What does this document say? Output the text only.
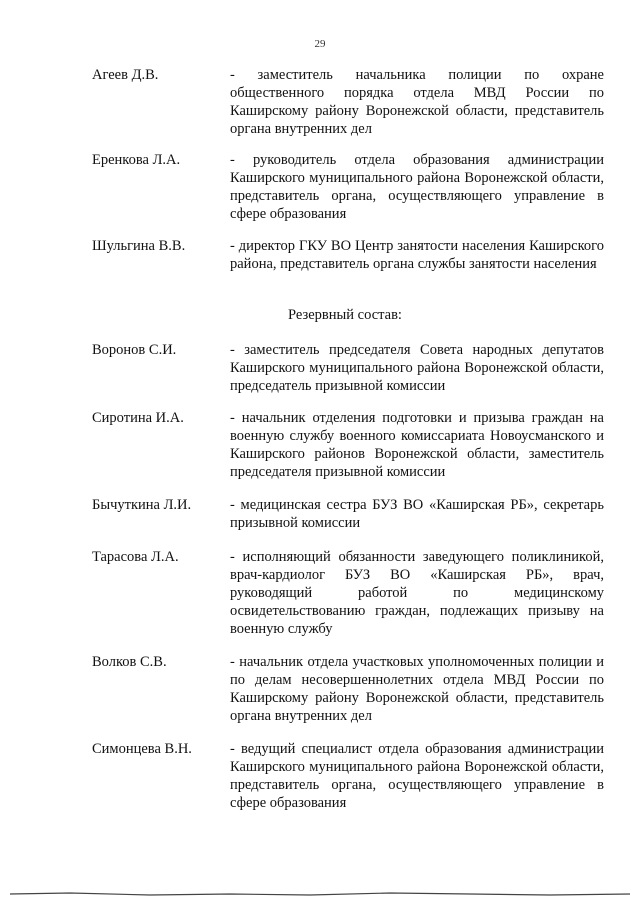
29
Агеев Д.В.	- заместитель начальника полиции по охране общественного порядка отдела МВД России по Каширскому району Воронежской области, представитель органа внутренних дел
Еренкова Л.А.	- руководитель отдела образования администрации Каширского муниципального района Воронежской области, представитель органа, осуществляющего управление в сфере образования
Шульгина В.В.	- директор ГКУ ВО Центр занятости населения Каширского района, представитель органа службы занятости населения
Резервный состав:
Воронов С.И.	- заместитель председателя Совета народных депутатов Каширского муниципального района Воронежской области, председатель призывной комиссии
Сиротина И.А.	- начальник отделения подготовки и призыва граждан на военную службу военного комиссариата Новоусманского и Каширского районов Воронежской области, заместитель председателя призывной комиссии
Бычуткина Л.И.	- медицинская сестра БУЗ ВО «Каширская РБ», секретарь призывной комиссии
Тарасова Л.А.	- исполняющий обязанности заведующего поликлиникой, врач-кардиолог БУЗ ВО «Каширская РБ», врач, руководящий работой по медицинскому освидетельствованию граждан, подлежащих призыву на военную службу
Волков С.В.	- начальник отдела участковых уполномоченных полиции и по делам несовершеннолетних отдела МВД России по Каширскому району Воронежской области, представитель органа внутренних дел
Симонцева В.Н.	- ведущий специалист отдела образования администрации Каширского муниципального района Воронежской области, представитель органа, осуществляющего управление в сфере образования
